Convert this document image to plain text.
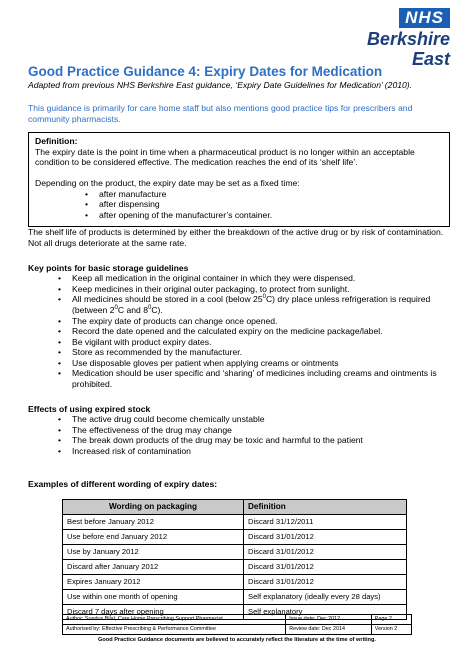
NHS
Berkshire East
Good Practice Guidance 4: Expiry Dates for Medication

Adapted from previous NHS Berkshire East guidance, ‘Expiry Date Guidelines for Medication’ (2010).

This guidance is primarily for care home staff but also mentions good practice tips for prescribers and community pharmacists.

Definition:

The expiry date is the point in time when a pharmaceutical product is no longer within an acceptable condition to be considered effective. The medication reaches the end of its ‘shelf life’.

Depending on the product, the expiry date may be set as a fixed time:

• after manufacture
• after dispensing
• after opening of the manufacturer’s container.

The shelf life of products is determined by either the breakdown of the active drug or by risk of contamination. Not all drugs deteriorate at the same rate.

Key points for basic storage guidelines
• Keep all medication in the original container in which they were dispensed.
• Keep medicines in their original outer packaging, to protect from sunlight.
• All medicines should be stored in a cool (below $25^0C$) dry place unless refrigeration is required (between $2^0C$ and $8^0C$).
• The expiry date of products can change once opened.
• Record the date opened and the calculated expiry on the medicine package/label.
• Be vigilant with product expiry dates.
• Store as recommended by the manufacturer.
• Use disposable gloves per patient when applying creams or ointments
• Medication should be user specific and ‘sharing’ of medicines including creams and ointments is prohibited.
Effects of using expired stock
• The active drug could become chemically unstable
• The effectiveness of the drug may change
• The break down products of the drug may be toxic and harmful to the patient
• Increased risk of contamination
Examples of different wording of expiry dates:
Wording on packaging	Definition
Best before January 2012	Discard 31/12/2011
Use before end January 2012	Discard 31/01/2012
Use by January 2012	Discard 31/01/2012
Discard after January 2012	Discard 31/01/2012
Expires January 2012	Discard 31/01/2012
Use within one month of opening	Self explanatory (ideally every 28 days)
Discard 7 days after opening	Self explanatory
Author: Sundus Bilal, Care Home Prescribing Support Pharmacist	Issue date: Dec 2012	Page 2
Authorised by: Effective Prescribing & Performance Committee	Review date: Dec 2014	Version 2
Good Practice Guidance documents are believed to accurately reflect the literature at the time of writing.
